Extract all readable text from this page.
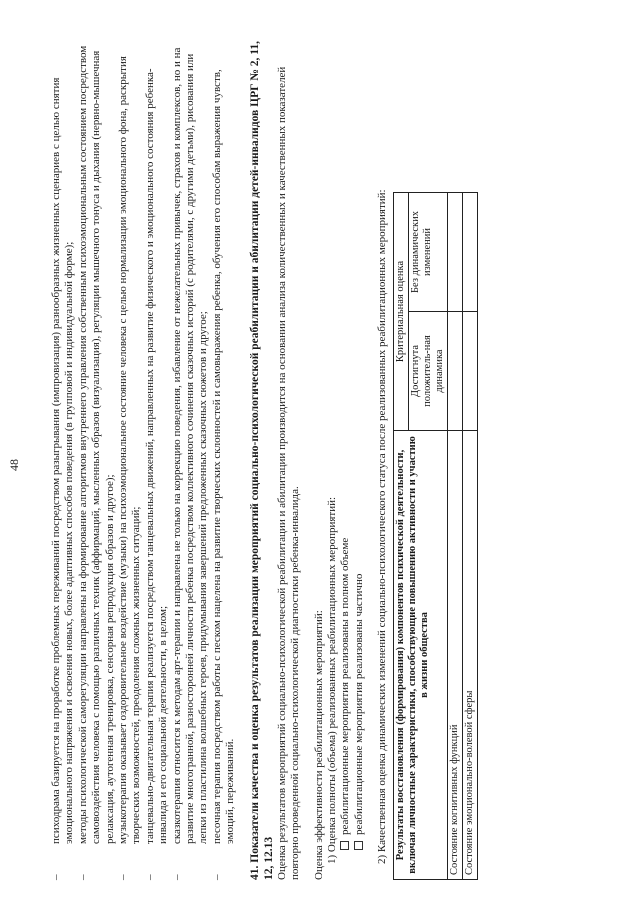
48
–

психодрама базируется на проработке проблемных переживаний посредством разыгрывания (импровизация) разнообразных жизненных сценариев с целью снятия эмоционального напряжения и освоения новых, более адаптивных способов поведения (в групповой и индивидуальной форме);

–

методы психологической саморегуляции направлены на формирование алгоритмов внутреннего управления собственным психоэмоциональным состоянием посредством самовоздействия человека с помощью различных техник (аффирмаций, мысленных образов (визуализация), регуляции мышечного тонуса и дыхания (нервно-мышечная релаксация, аутогенная тренировка, сенсорная репродукция образов и другое);

–

музыкотерапия оказывает оздоровительное воздействие (музыки) на психоэмоциональное состояние человека с целью нормализации эмоционального фона, раскрытия творческих возможностей, преодоления сложных жизненных ситуаций;

–

танцевально-двигательная терапия реализуется посредством танцевальных движений, направленных на развитие физического и эмоционального состояния ребенка-инвалида и его социальной деятельности, в целом;

–

сказкотерапия относится к методам арт-терапии и направлена не только на коррекцию поведения, избавление от нежелательных привычек, страхов и комплексов, но и на развитие многогранной, разносторонней личности ребенка посредством коллективного сочинения сказочных историй (с родителями, с другими детьми), рисования или лепки из пластилина волшебных героев, придумывания завершений предложенных сказочных сюжетов и другое;

–

песочная терапия посредством работы с песком нацелена на развитие творческих склонностей и самовыражения ребенка, обучения его способам выражения чувств, эмоций, переживаний. 41. Показатели качества и оценка результатов реализации мероприятий социально-психологической реабилитации и абилитации детей-инвалидов ЦРГ № 2, 11, 12, 12.13 Оценка результатов мероприятий социально-психологической реабилитации и абилитации производится на основании анализа количественных и качественных показателей повторно проведенной социально-психологической диагностики ребенка-инвалида. Оценка эффективности реабилитационных мероприятий: 1) Оценка полноты (объема) реализованных реабилитационных мероприятий: реабилитационные мероприятия реализованы в полном объеме реабилитационные мероприятия реализованы частично 2) Качественная оценка динамических изменений социально-психологического статуса после реализованных реабилитационных мероприятий: Результаты восстановления (формирования) компонентов психической деятельности, включая личностные характеристики, способствующие повышению активности и участию в жизни общества	Критериальная оценка	
	Достигнута положитель-ная динамика	Без динамических изменений
Состояние когнитивных функций		
Состояние эмоционально-волевой сферы		
